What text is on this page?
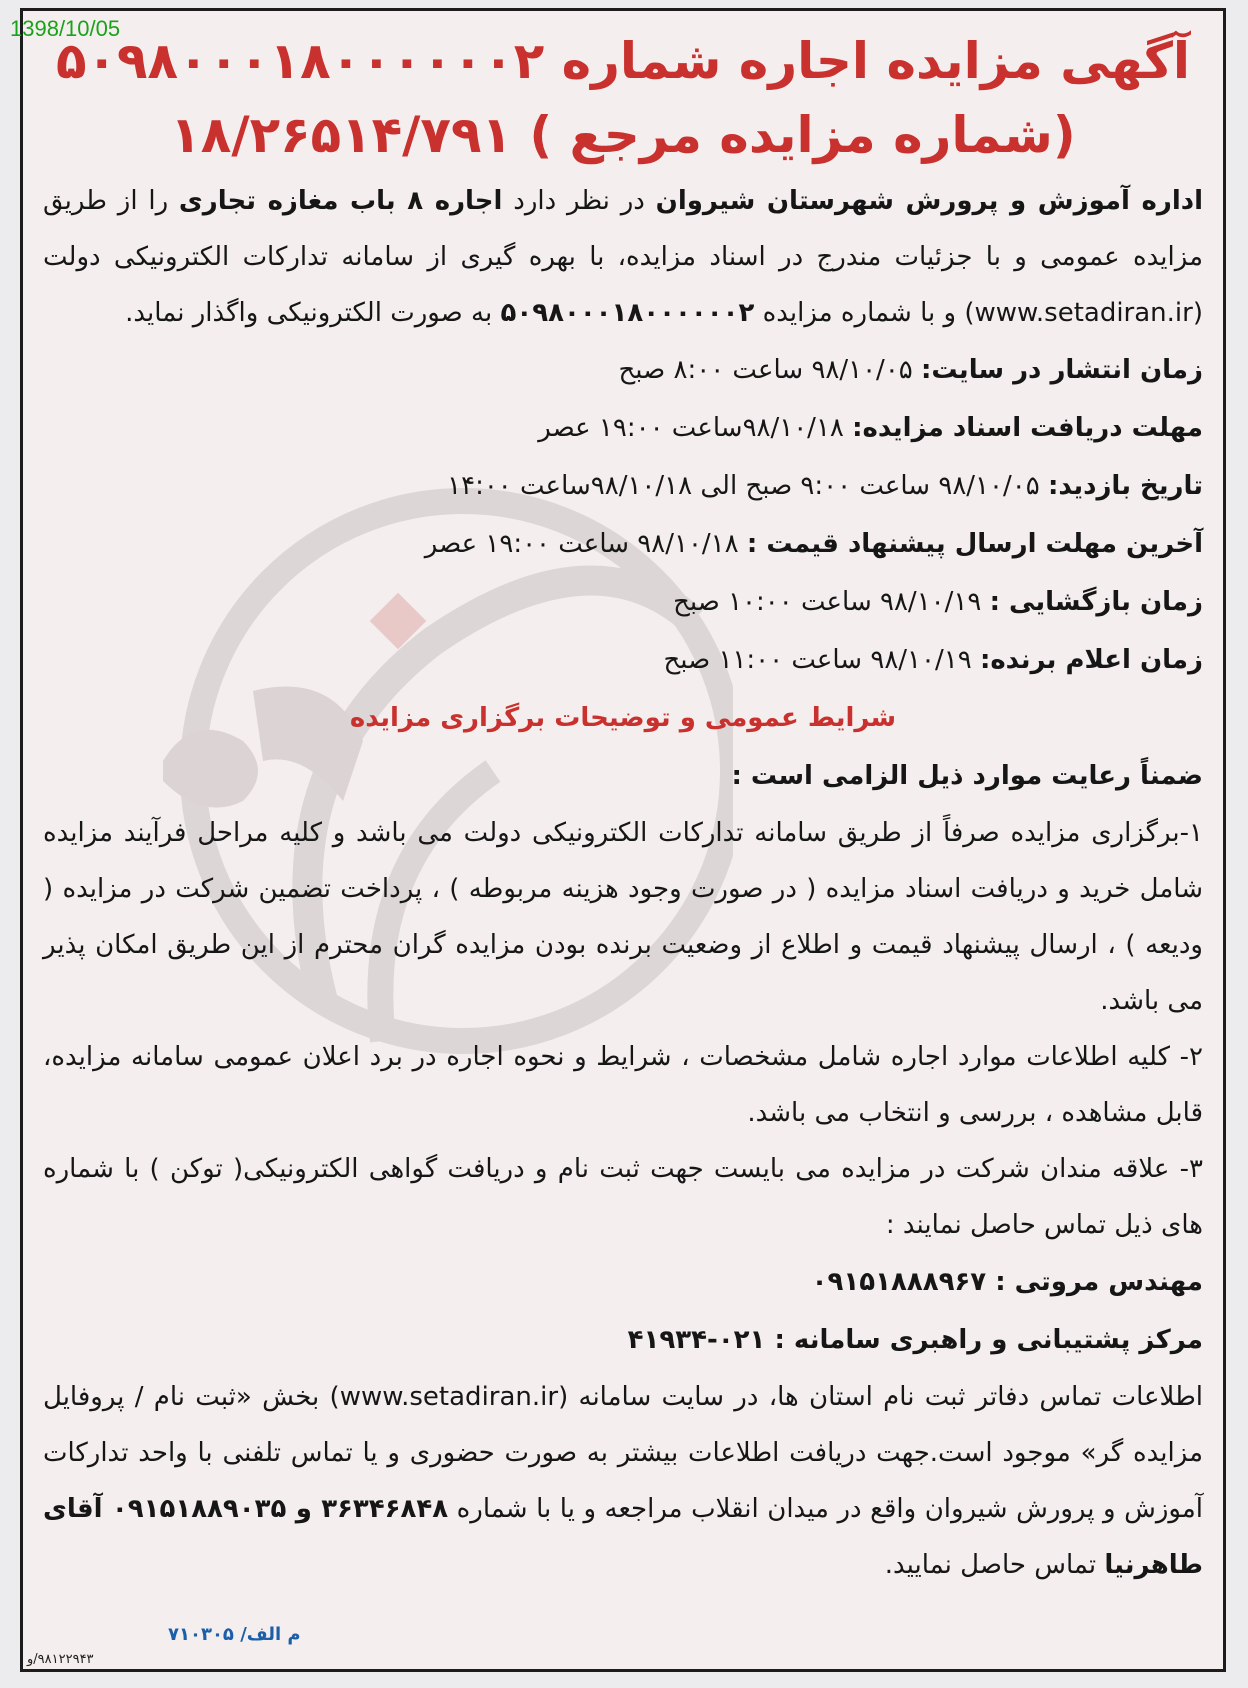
1398/10/05
آگهی مزایده اجاره شماره ۵۰۹۸۰۰۰۱۸۰۰۰۰۰۰۲
(شماره مزایده مرجع ) ۱۸/۲۶۵۱۴/۷۹۱

اداره آموزش و پرورش شهرستان شیروان در نظر دارد اجاره ۸ باب مغازه تجاری را از طریق مزایده عمومی و با جزئیات مندرج در اسناد مزایده، با بهره گیری از سامانه تدارکات الکترونیکی دولت (www.setadiran.ir) و با شماره مزایده ۵۰۹۸۰۰۰۱۸۰۰۰۰۰۰۲ به صورت الکترونیکی واگذار نماید.

زمان انتشار در سایت: ۹۸/۱۰/۰۵ ساعت ۸:۰۰ صبح

مهلت دریافت اسناد مزایده: ۹۸/۱۰/۱۸ساعت ۱۹:۰۰ عصر

تاریخ بازدید: ۹۸/۱۰/۰۵ ساعت ۹:۰۰ صبح الی ۹۸/۱۰/۱۸ساعت ۱۴:۰۰

آخرین مهلت ارسال پیشنهاد قیمت : ۹۸/۱۰/۱۸ ساعت ۱۹:۰۰ عصر

زمان بازگشایی : ۹۸/۱۰/۱۹ ساعت ۱۰:۰۰ صبح

زمان اعلام برنده: ۹۸/۱۰/۱۹ ساعت ۱۱:۰۰ صبح

شرایط عمومی و توضیحات برگزاری مزایده

ضمناً رعایت موارد ذیل الزامی است :

۱-برگزاری مزایده صرفاً از طریق سامانه تدارکات الکترونیکی دولت می باشد و کلیه مراحل فرآیند مزایده شامل خرید و دریافت اسناد مزایده ( در صورت وجود هزینه مربوطه ) ، پرداخت تضمین شرکت در مزایده ( ودیعه ) ، ارسال پیشنهاد قیمت و اطلاع از وضعیت برنده بودن مزایده گران محترم از این طریق امکان پذیر می باشد.

۲- کلیه اطلاعات موارد اجاره شامل مشخصات ، شرایط و نحوه اجاره در برد اعلان عمومی سامانه مزایده، قابل مشاهده ، بررسی و انتخاب می باشد.

۳- علاقه مندان شرکت در مزایده می بایست جهت ثبت نام و دریافت گواهی الکترونیکی( توکن ) با شماره های ذیل تماس حاصل نمایند :

مهندس مروتی : ۰۹۱۵۱۸۸۸۹۶۷

مرکز پشتیبانی و راهبری سامانه : ۰۲۱-۴۱۹۳۴

اطلاعات تماس دفاتر ثبت نام استان ها، در سایت سامانه (www.setadiran.ir) بخش «ثبت نام / پروفایل مزایده گر» موجود است.جهت دریافت اطلاعات بیشتر به صورت حضوری و یا تماس تلفنی با واحد تدارکات آموزش و پرورش شیروان واقع در میدان انقلاب مراجعه و یا با شماره ۳۶۳۴۶۸۴۸ و ۰۹۱۵۱۸۸۹۰۳۵ آقای طاهرنیا تماس حاصل نمایید.

م الف/ ۷۱۰۳۰۵
۹۸۱۲۲۹۴۳/و
